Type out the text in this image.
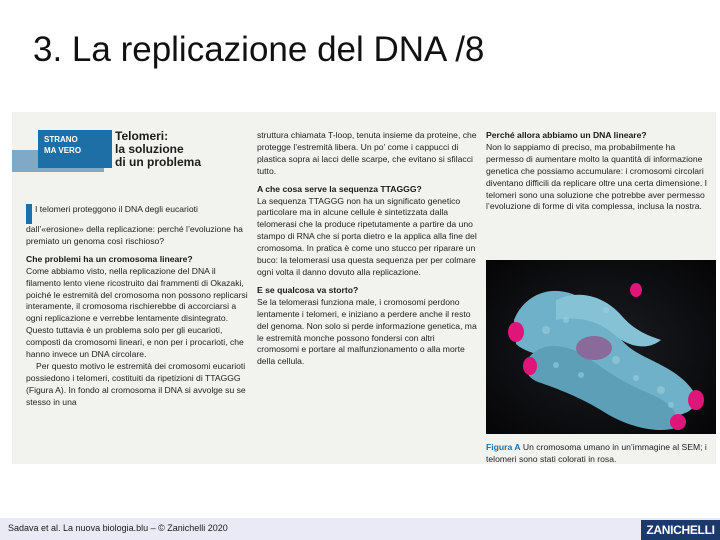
3. La replicazione del DNA /8
STRANO
MA VERO
Telomeri:
la soluzione
di un problema

I telomeri proteggono il DNA degli eucarioti dall’«erosione» della replicazione: perché l’evoluzione ha premiato un genoma così rischioso?

Che problemi ha un cromosoma lineare?

Come abbiamo visto, nella replicazione del DNA il filamento lento viene ricostruito dai frammenti di Okazaki, poiché le estremità del cromosoma non possono replicarsi interamente, il cromosoma rischierebbe di accorciarsi a ogni replicazione e verrebbe lentamente disintegrato. Questo tuttavia è un problema solo per gli eucarioti, composti da cromosomi lineari, e non per i procarioti, che hanno invece un DNA circolare.

Per questo motivo le estremità dei cromosomi eucarioti possiedono i telomeri, costituiti da ripetizioni di TTAGGG (Figura A). In fondo al cromosoma il DNA si avvolge su se stesso in una

struttura chiamata T-loop, tenuta insieme da proteine, che protegge l’estremità libera. Un po’ come i cappucci di plastica sopra ai lacci delle scarpe, che evitano si sfilacci tutto.

A che cosa serve la sequenza TTAGGG?

La sequenza TTAGGG non ha un significato genetico particolare ma in alcune cellule è sintetizzata dalla telomerasi che la produce ripetutamente a partire da uno stampo di RNA che si porta dietro e la applica alla fine del cromosoma. In pratica è come uno stucco per riparare un buco: la telomerasi usa questa sequenza per per colmare ogni volta il danno dovuto alla replicazione.

E se qualcosa va storto?

Se la telomerasi funziona male, i cromosomi perdono lentamente i telomeri, e iniziano a perdere anche il resto del genoma. Non solo si perde informazione genetica, ma le estremità monche possono fondersi con altri cromosomi e portare al malfunzionamento o alla morte della cellula.

Perché allora abbiamo un DNA lineare?

Non lo sappiamo di preciso, ma probabilmente ha permesso di aumentare molto la quantità di informazione genetica che possiamo accumulare: i cromosomi circolari diventano difficili da replicare oltre una certa dimensione. I telomeri sono una soluzione che potrebbe aver permesso l’evoluzione di forme di vita complessa, inclusa la nostra.

Figura A Un cromosoma umano in un’immagine al SEM; i telomeri sono stati colorati in rosa.
Sadava et al. La nuova biologia.blu – © Zanichelli 2020	ZANICHELLI
